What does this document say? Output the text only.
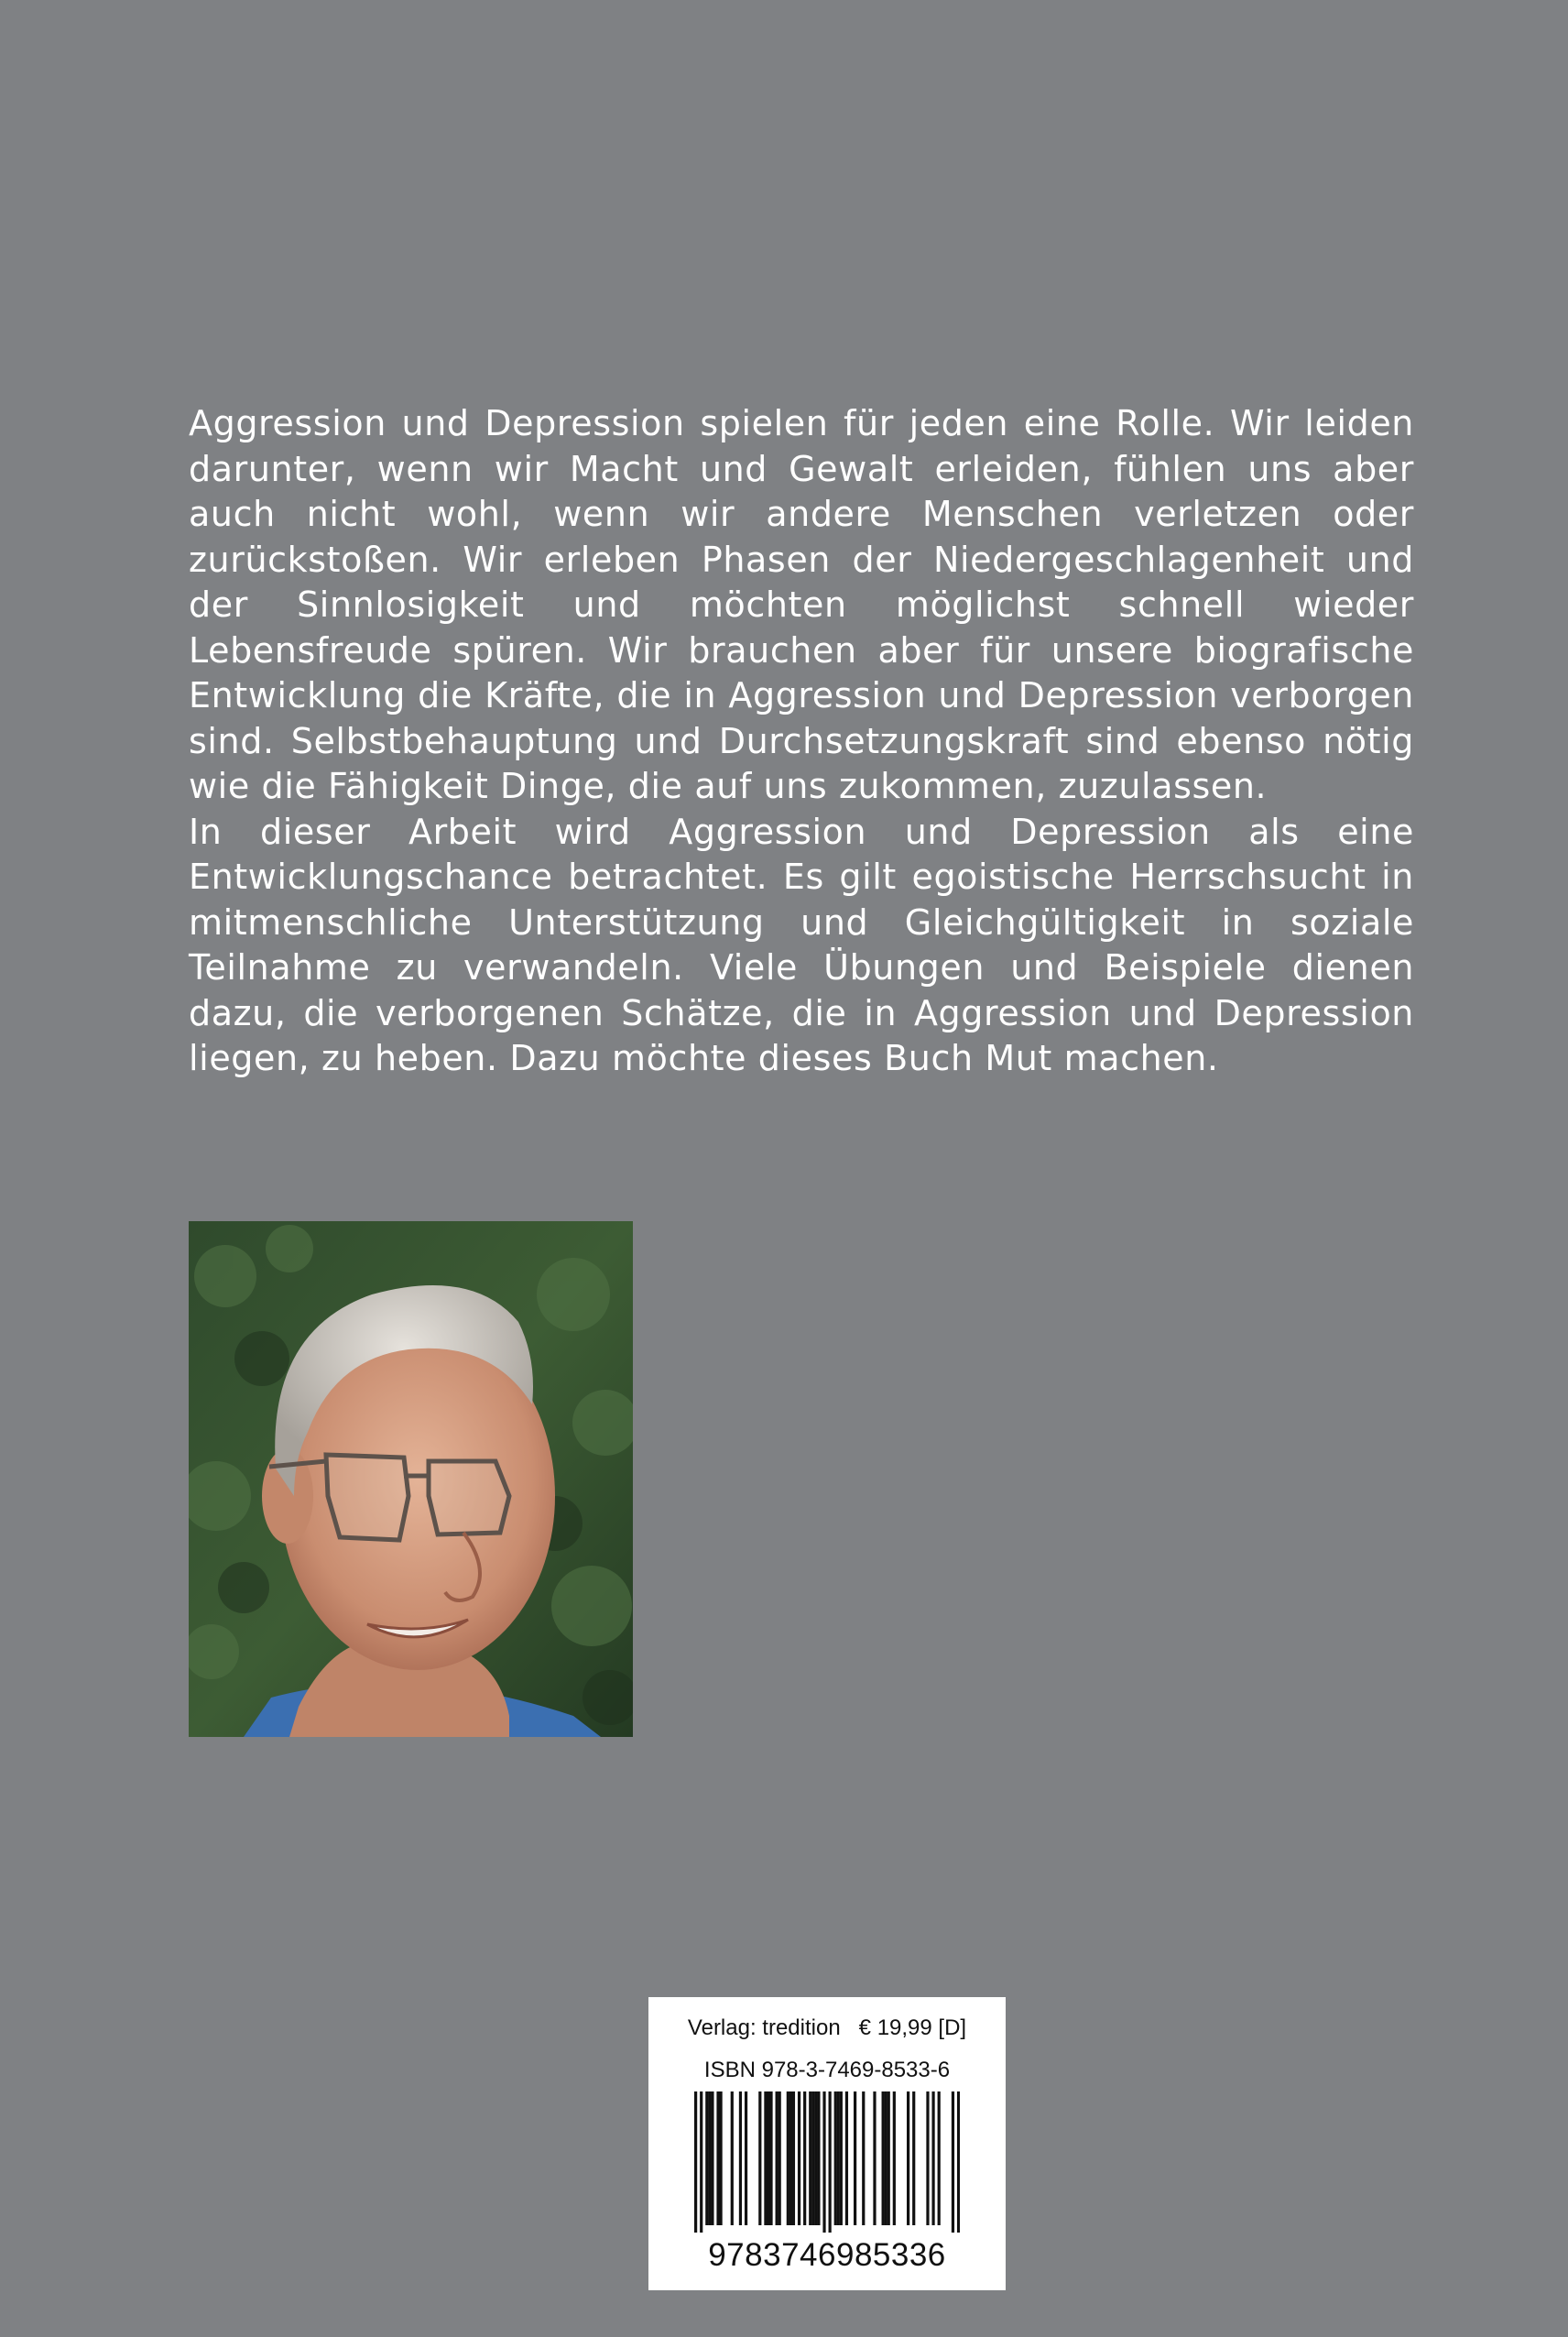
Aggression und Depression spielen für jeden eine Rolle. Wir leiden darunter, wenn wir Macht und Gewalt erleiden, fühlen uns aber auch nicht wohl, wenn wir andere Menschen verletzen oder zurückstoßen. Wir erleben Phasen der Niedergeschlagenheit und der Sinnlosigkeit und möchten möglichst schnell wieder Lebensfreude spüren. Wir brauchen aber für unsere biografische Entwicklung die Kräfte, die in Aggression und Depression verborgen sind. Selbstbehauptung und Durchsetzungskraft sind ebenso nötig wie die Fähigkeit Dinge, die auf uns zukommen, zuzulassen.

In dieser Arbeit wird Aggression und Depression als eine Entwicklungschance betrachtet. Es gilt egoistische Herrschsucht in mitmenschliche Unterstützung und Gleichgültigkeit in soziale Teilnahme zu verwandeln. Viele Übungen und Beispiele dienen dazu, die verborgenen Schätze, die in Aggression und Depression liegen, zu heben. Dazu möchte dieses Buch Mut machen.

Verlag: tredition   € 19,99 [D]
ISBN 978-3-7469-8533-6
9783746985336
